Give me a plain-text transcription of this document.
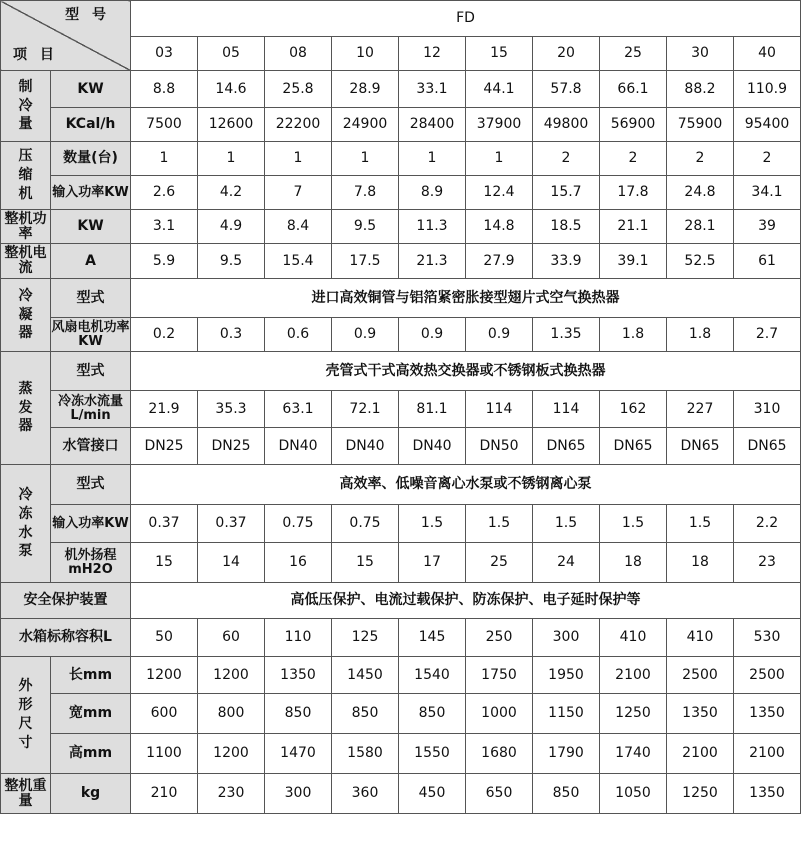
型 号
项 目		FD									
		03	05	08	10	12	15	20	25	30	40
制冷量	KW	8.8	14.6	25.8	28.9	33.1	44.1	57.8	66.1	88.2	110.9
	KCal/h	7500	12600	22200	24900	28400	37900	49800	56900	75900	95400
压缩机	数量(台)	1	1	1	1	1	1	2	2	2	2
	输入功率KW	2.6	4.2	7	7.8	8.9	12.4	15.7	17.8	24.8	34.1
整机功率	KW	3.1	4.9	8.4	9.5	11.3	14.8	18.5	21.1	28.1	39
整机电流	A	5.9	9.5	15.4	17.5	21.3	27.9	33.9	39.1	52.5	61
冷凝器	型式	进口高效铜管与铝箔紧密胀接型翅片式空气换热器									
	风扇电机功率KW	0.2	0.3	0.6	0.9	0.9	0.9	1.35	1.8	1.8	2.7
蒸发器	型式	壳管式干式高效热交换器或不锈钢板式换热器									
	冷冻水流量L/min	21.9	35.3	63.1	72.1	81.1	114	114	162	227	310
	水管接口	DN25	DN25	DN40	DN40	DN40	DN50	DN65	DN65	DN65	DN65
冷冻水泵	型式	高效率、低噪音离心水泵或不锈钢离心泵									
	输入功率KW	0.37	0.37	0.75	0.75	1.5	1.5	1.5	1.5	1.5	2.2
	机外扬程mH2O	15	14	16	15	17	25	24	18	18	23
安全保护装置		高低压保护、电流过载保护、防冻保护、电子延时保护等									
水箱标称容积L		50	60	110	125	145	250	300	410	410	530
外形尺寸	长mm	1200	1200	1350	1450	1540	1750	1950	2100	2500	2500
	宽mm	600	800	850	850	850	1000	1150	1250	1350	1350
	高mm	1100	1200	1470	1580	1550	1680	1790	1740	2100	2100
整机重量	kg	210	230	300	360	450	650	850	1050	1250	1350
